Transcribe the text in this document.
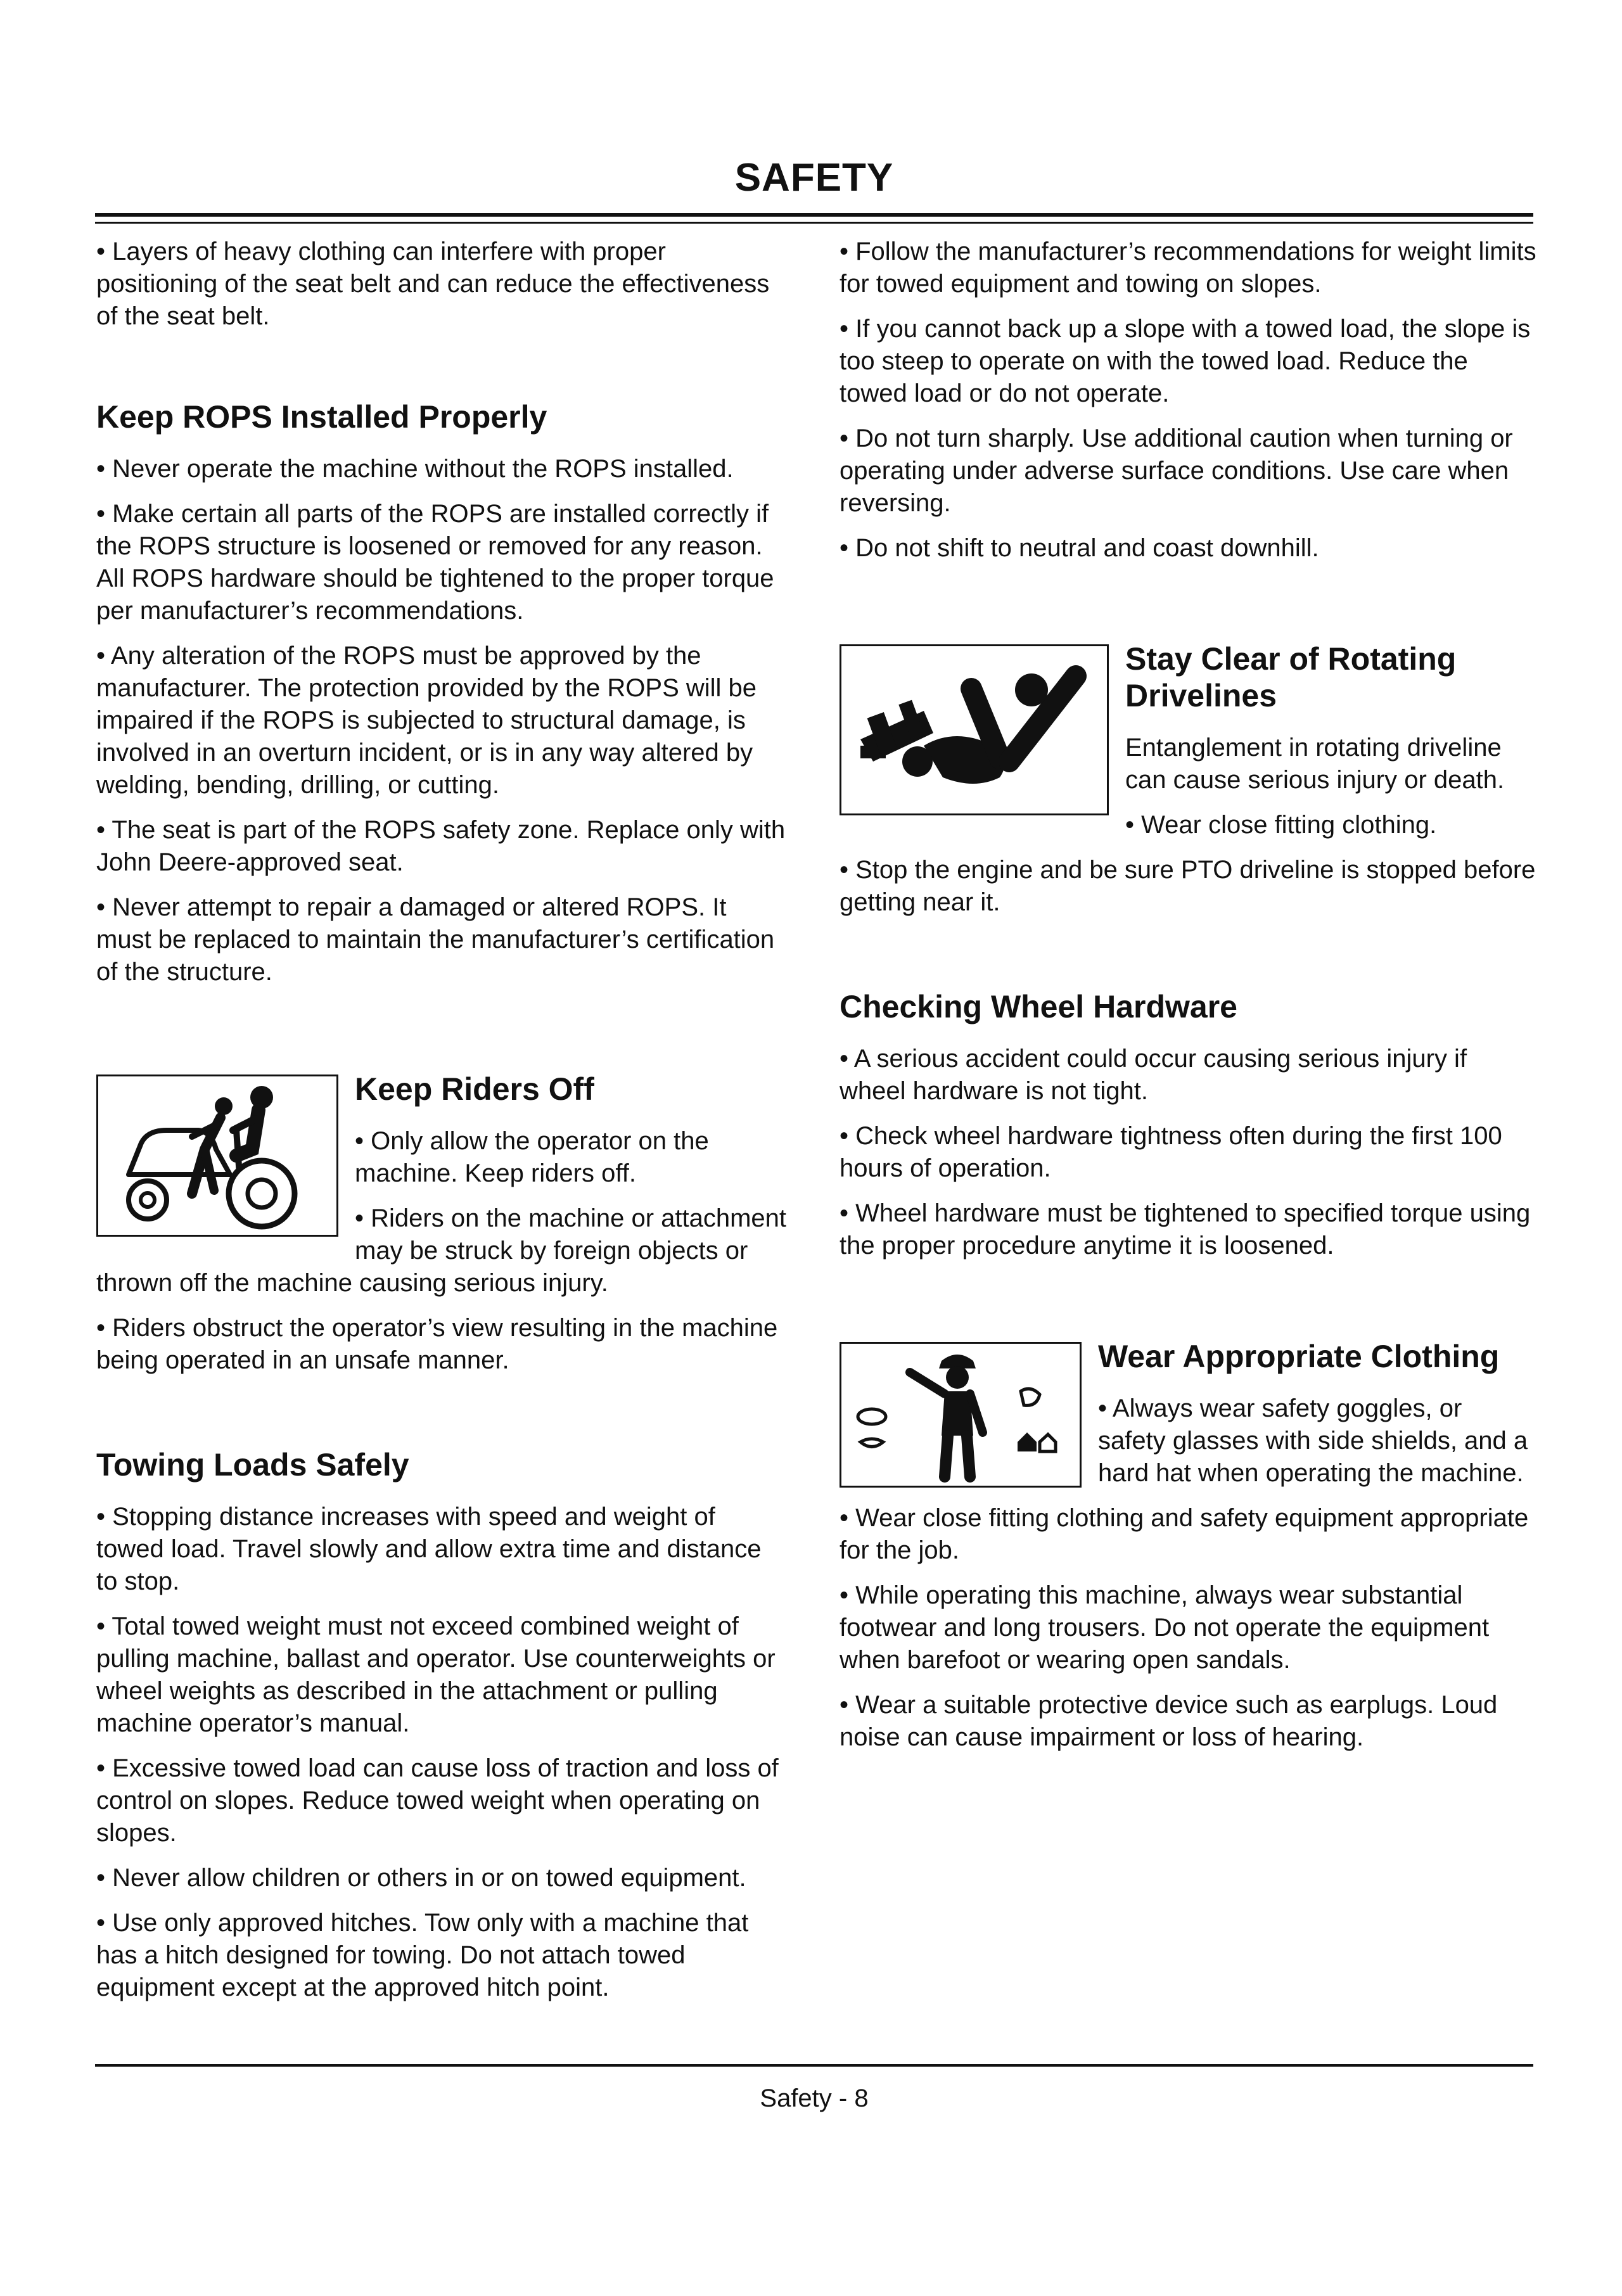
SAFETY

• Layers of heavy clothing can interfere with proper positioning of the seat belt and can reduce the effectiveness of the seat belt.

Keep ROPS Installed Properly

• Never operate the machine without the ROPS installed.

• Make certain all parts of the ROPS are installed correctly if the ROPS structure is loosened or removed for any reason. All ROPS hardware should be tightened to the proper torque per manufacturer’s recommendations.

• Any alteration of the ROPS must be approved by the manufacturer. The protection provided by the ROPS will be impaired if the ROPS is subjected to structural damage, is involved in an overturn incident, or is in any way altered by welding, bending, drilling, or cutting.

• The seat is part of the ROPS safety zone. Replace only with John Deere-approved seat.

• Never attempt to repair a damaged or altered ROPS. It must be replaced to maintain the manufacturer’s certification of the structure.

Keep Riders Off

• Only allow the operator on the machine. Keep riders off.

• Riders on the machine or attachment may be struck by foreign objects or thrown off the machine causing serious injury.

• Riders obstruct the operator’s view resulting in the machine being operated in an unsafe manner.

Towing Loads Safely

• Stopping distance increases with speed and weight of towed load. Travel slowly and allow extra time and distance to stop.

• Total towed weight must not exceed combined weight of pulling machine, ballast and operator. Use counterweights or wheel weights as described in the attachment or pulling machine operator’s manual.

• Excessive towed load can cause loss of traction and loss of control on slopes. Reduce towed weight when operating on slopes.

• Never allow children or others in or on towed equipment.

• Use only approved hitches. Tow only with a machine that has a hitch designed for towing. Do not attach towed equipment except at the approved hitch point.

• Follow the manufacturer’s recommendations for weight limits for towed equipment and towing on slopes.

• If you cannot back up a slope with a towed load, the slope is too steep to operate on with the towed load. Reduce the towed load or do not operate.

• Do not turn sharply. Use additional caution when turning or operating under adverse surface conditions. Use care when reversing.

• Do not shift to neutral and coast downhill.

Stay Clear of Rotating Drivelines

Entanglement in rotating driveline can cause serious injury or death.

• Wear close fitting clothing.

• Stop the engine and be sure PTO driveline is stopped before getting near it.

Checking Wheel Hardware

• A serious accident could occur causing serious injury if wheel hardware is not tight.

• Check wheel hardware tightness often during the first 100 hours of operation.

• Wheel hardware must be tightened to specified torque using the proper procedure anytime it is loosened.

Wear Appropriate Clothing

• Always wear safety goggles, or safety glasses with side shields, and a hard hat when operating the machine.

• Wear close fitting clothing and safety equipment appropriate for the job.

• While operating this machine, always wear substantial footwear and long trousers. Do not operate the equipment when barefoot or wearing open sandals.

• Wear a suitable protective device such as earplugs. Loud noise can cause impairment or loss of hearing.

Safety - 8
